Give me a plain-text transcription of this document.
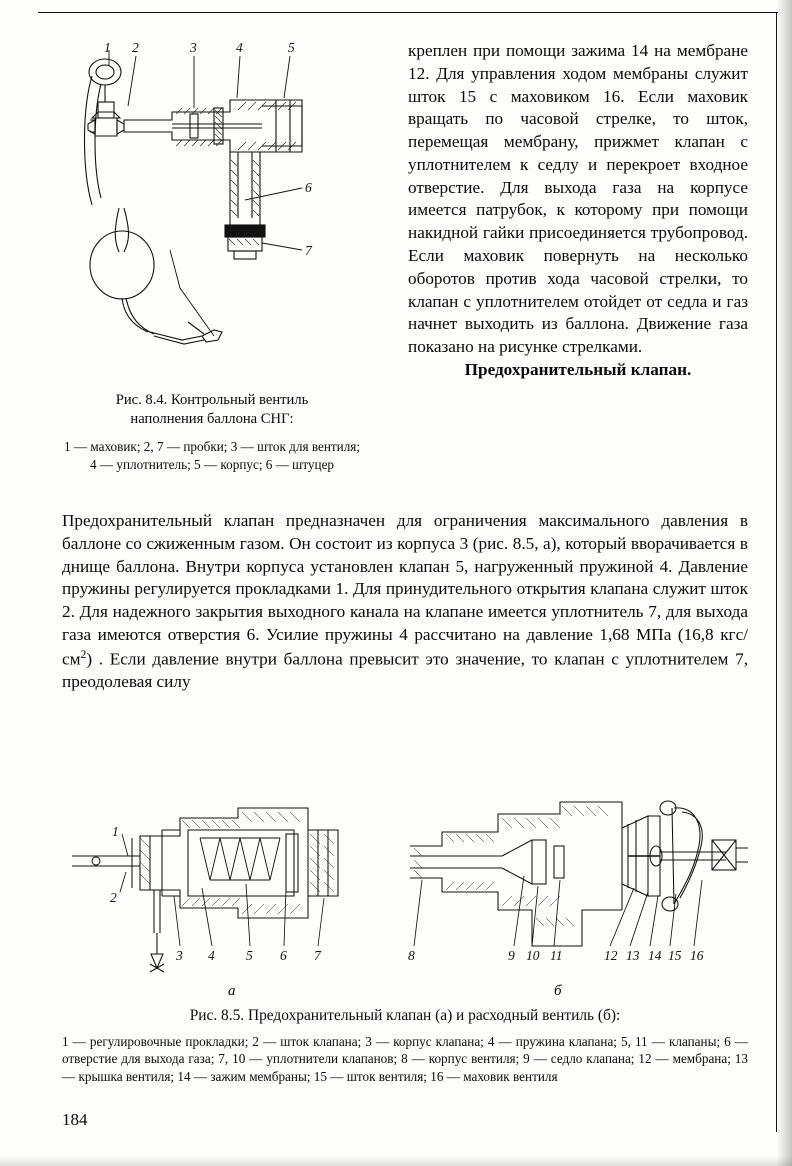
1 2	3	4	5
6
7
Рис. 8.4. Контрольный вентиль
наполнения баллона СНГ:
1 — маховик; 2, 7 — пробки; 3 — шток для вентиля; 4 — уплотнитель; 5 — корпус; 6 — штуцер

креплен при помощи зажима 14 на мембране 12. Для управления ходом мембраны служит шток 15 с маховиком 16. Если маховик вращать по часовой стрелке, то шток, перемещая мембрану, прижмет клапан с уплотнителем к седлу и перекроет входное отверстие. Для выхода газа на корпусе имеется патрубок, к которому при помощи накидной гайки присоединяется трубопровод. Если маховик повернуть на несколько оборотов против хода часовой стрелки, то клапан с уплотнителем отойдет от седла и газ начнет выходить из баллона. Движение газа показано на рисунке стрелками.

Предохранительный клапан.

Предохранительный клапан предназначен для ограничения максимального давления в баллоне со сжиженным газом. Он состоит из корпуса 3 (рис. 8.5, а), который вворачивается в днище баллона. Внутри корпуса установлен клапан 5, нагруженный пружиной 4. Давление пружины регулируется прокладками 1. Для принудительного открытия клапана служит шток 2. Для надежного закрытия выходного канала на клапане имеется уплотнитель 7, для выхода газа имеются отверстия 6. Усилие пружины 4 рассчитано на давление 1,68 МПа (16,8 кгс/$см^2$) . Если давление внутри баллона превысит это значение, то клапан с уплотнителем 7, преодолевая силу

1
2
3 4 5 6 7	8	9 10 11	12 13 14 15 16
а	б
Рис. 8.5. Предохранительный клапан (а) и расходный вентиль (б):
1 — регулировочные прокладки; 2 — шток клапана; 3 — корпус клапана; 4 — пружина клапана; 5, 11 — клапаны; 6 — отверстие для выхода газа; 7, 10 — уплотнители клапанов; 8 — корпус вентиля; 9 — седло клапана; 12 — мембрана; 13 — крышка вентиля; 14 — зажим мембраны; 15 — шток вентиля; 16 — маховик вентиля
184
